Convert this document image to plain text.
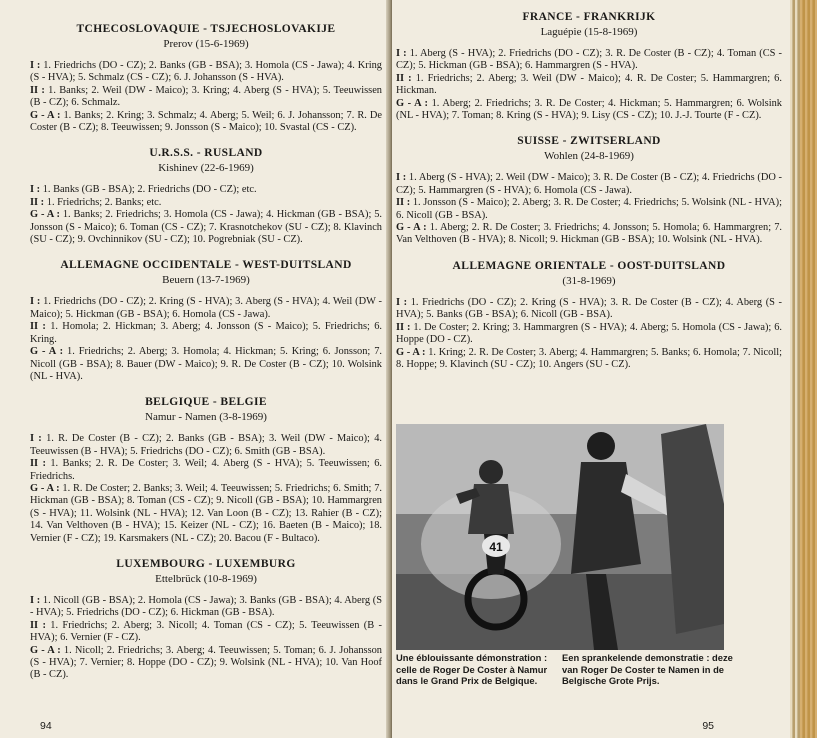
TCHECOSLOVAQUIE - TSJECHOSLOVAKIJE
Prerov (15-6-1969)

I : 1. Friedrichs (DO - CZ); 2. Banks (GB - BSA); 3. Homola (CS - Jawa); 4. Kring (S - HVA); 5. Schmalz (CS - CZ); 6. J. Johansson (S - HVA).

II : 1. Banks; 2. Weil (DW - Maico); 3. Kring; 4. Aberg (S - HVA); 5. Teeuwissen (B - CZ); 6. Schmalz.

G - A : 1. Banks; 2. Kring; 3. Schmalz; 4. Aberg; 5. Weil; 6. J. Johansson; 7. R. De Coster (B - CZ); 8. Teeuwissen; 9. Jonsson (S - Maico); 10. Svastal (CS - CZ).

U.R.S.S. - RUSLAND
Kishinev (22-6-1969)

I : 1. Banks (GB - BSA); 2. Friedrichs (DO - CZ); etc.

II : 1. Friedrichs; 2. Banks; etc.

G - A : 1. Banks; 2. Friedrichs; 3. Homola (CS - Jawa); 4. Hickman (GB - BSA); 5. Jonsson (S - Maico); 6. Toman (CS - CZ); 7. Krasnotchekov (SU - CZ); 8. Klavinch (SU - CZ); 9. Ovchinnikov (SU - CZ); 10. Pogrebniak (SU - CZ).

ALLEMAGNE OCCIDENTALE - WEST-DUITSLAND
Beuern (13-7-1969)

I : 1. Friedrichs (DO - CZ); 2. Kring (S - HVA); 3. Aberg (S - HVA); 4. Weil (DW - Maico); 5. Hickman (GB - BSA); 6. Homola (CS - Jawa).

II : 1. Homola; 2. Hickman; 3. Aberg; 4. Jonsson (S - Maico); 5. Friedrichs; 6. Kring.

G - A : 1. Friedrichs; 2. Aberg; 3. Homola; 4. Hickman; 5. Kring; 6. Jonsson; 7. Nicoll (GB - BSA); 8. Bauer (DW - Maico); 9. R. De Coster (B - CZ); 10. Wolsink (NL - HVA).

BELGIQUE - BELGIE
Namur - Namen (3-8-1969)

I : 1. R. De Coster (B - CZ); 2. Banks (GB - BSA); 3. Weil (DW - Maico); 4. Teeuwissen (B - HVA); 5. Friedrichs (DO - CZ); 6. Smith (GB - BSA).

II : 1. Banks; 2. R. De Coster; 3. Weil; 4. Aberg (S - HVA); 5. Teeuwissen; 6. Friedrichs.

G - A : 1. R. De Coster; 2. Banks; 3. Weil; 4. Teeuwissen; 5. Friedrichs; 6. Smith; 7. Hickman (GB - BSA); 8. Toman (CS - CZ); 9. Nicoll (GB - BSA); 10. Hammargren (S - HVA); 11. Wolsink (NL - HVA); 12. Van Loon (B - CZ); 13. Rahier (B - CZ); 14. Van Velthoven (B - HVA); 15. Keizer (NL - CZ); 16. Baeten (B - Maico); 18. Vernier (F - CZ); 19. Karsmakers (NL - CZ); 20. Bacou (F - Bultaco).

LUXEMBOURG - LUXEMBURG
Ettelbrück (10-8-1969)

I : 1. Nicoll (GB - BSA); 2. Homola (CS - Jawa); 3. Banks (GB - BSA); 4. Aberg (S - HVA); 5. Friedrichs (DO - CZ); 6. Hickman (GB - BSA).

II : 1. Friedrichs; 2. Aberg; 3. Nicoll; 4. Toman (CS - CZ); 5. Teeuwissen (B - HVA); 6. Vernier (F - CZ).

G - A : 1. Nicoll; 2. Friedrichs; 3. Aberg; 4. Teeuwissen; 5. Toman; 6. J. Johansson (S - HVA); 7. Vernier; 8. Hoppe (DO - CZ); 9. Wolsink (NL - HVA); 10. Van Hoof (B - CZ).

94
FRANCE - FRANKRIJK
Laguépie (15-8-1969)

I : 1. Aberg (S - HVA); 2. Friedrichs (DO - CZ); 3. R. De Coster (B - CZ); 4. Toman (CS - CZ); 5. Hickman (GB - BSA); 6. Hammargren (S - HVA).

II : 1. Friedrichs; 2. Aberg; 3. Weil (DW - Maico); 4. R. De Coster; 5. Hammargren; 6. Hickman.

G - A : 1. Aberg; 2. Friedrichs; 3. R. De Coster; 4. Hickman; 5. Hammargren; 6. Wolsink (NL - HVA); 7. Toman; 8. Kring (S - HVA); 9. Lisy (CS - CZ); 10. J.-J. Tourte (F - CZ).

SUISSE - ZWITSERLAND
Wohlen (24-8-1969)

I : 1. Aberg (S - HVA); 2. Weil (DW - Maico); 3. R. De Coster (B - CZ); 4. Friedrichs (DO - CZ); 5. Hammargren (S - HVA); 6. Homola (CS - Jawa).

II : 1. Jonsson (S - Maico); 2. Aberg; 3. R. De Coster; 4. Friedrichs; 5. Wolsink (NL - HVA); 6. Nicoll (GB - BSA).

G - A : 1. Aberg; 2. R. De Coster; 3. Friedrichs; 4. Jonsson; 5. Homola; 6. Hammargren; 7. Van Velthoven (B - HVA); 8. Nicoll; 9. Hickman (GB - BSA); 10. Wolsink (NL - HVA).

ALLEMAGNE ORIENTALE - OOST-DUITSLAND
(31-8-1969)

I : 1. Friedrichs (DO - CZ); 2. Kring (S - HVA); 3. R. De Coster (B - CZ); 4. Aberg (S - HVA); 5. Banks (GB - BSA); 6. Nicoll (GB - BSA).

II : 1. De Coster; 2. Kring; 3. Hammargren (S - HVA); 4. Aberg; 5. Homola (CS - Jawa); 6. Hoppe (DO - CZ).

G - A : 1. Kring; 2. R. De Coster; 3. Aberg; 4. Hammargren; 5. Banks; 6. Homola; 7. Nicoll; 8. Hoppe; 9. Klavinch (SU - CZ); 10. Angers (SU - CZ).

41
Une éblouissante démonstration : celle de Roger De Coster à Namur dans le Grand Prix de Belgique.
Een sprankelende demonstratie : deze van Roger De Coster te Namen in de Belgische Grote Prijs.
95
